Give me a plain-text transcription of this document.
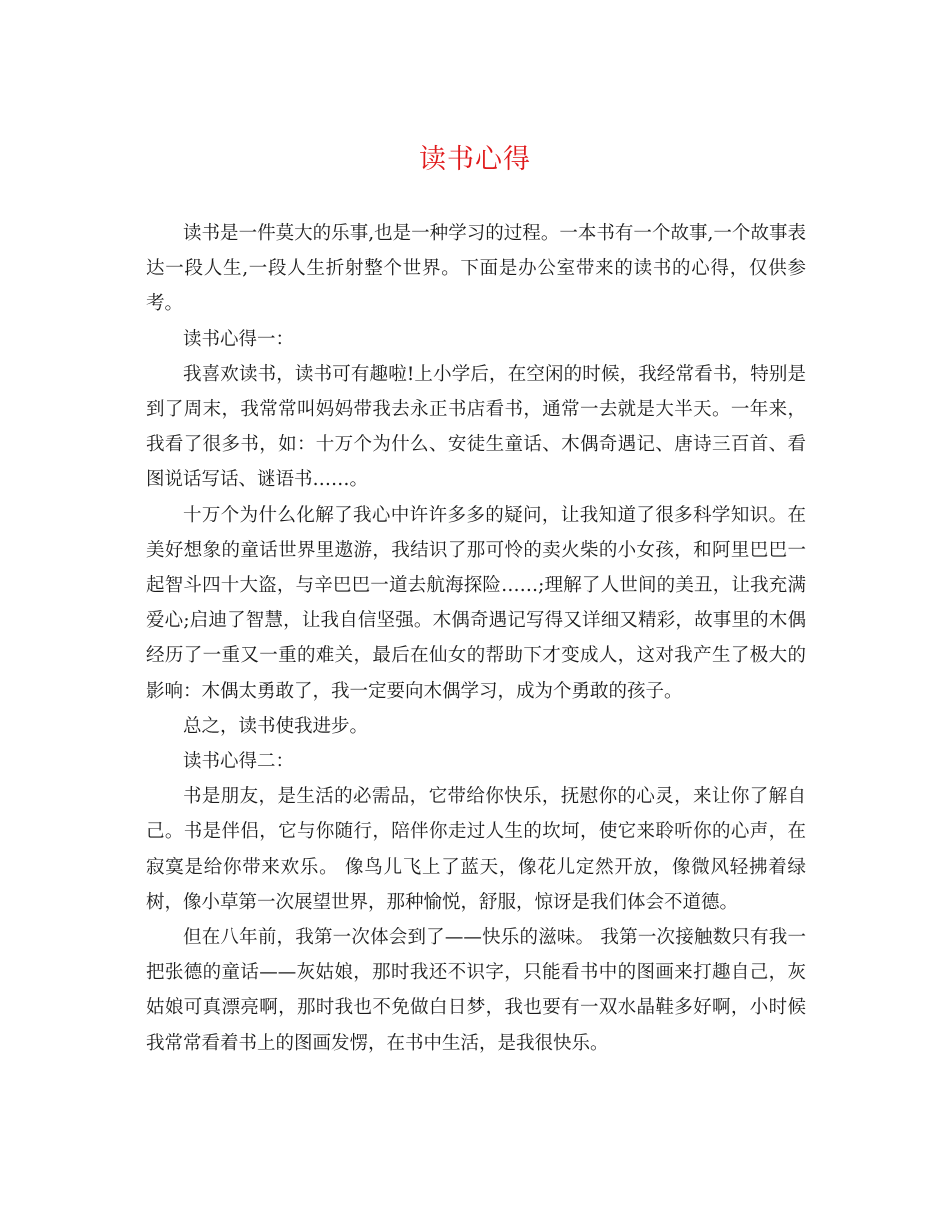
读书心得

读书是一件莫大的乐事,也是一种学习的过程。一本书有一个故事,一个故事表达一段人生,一段人生折射整个世界。下面是办公室带来的读书的心得，仅供参考。

读书心得一：

我喜欢读书，读书可有趣啦!上小学后，在空闲的时候，我经常看书，特别是到了周末，我常常叫妈妈带我去永正书店看书，通常一去就是大半天。一年来，我看了很多书，如：十万个为什么、安徒生童话、木偶奇遇记、唐诗三百首、看图说话写话、谜语书……。

十万个为什么化解了我心中许许多多的疑问，让我知道了很多科学知识。在美好想象的童话世界里遨游，我结识了那可怜的卖火柴的小女孩，和阿里巴巴一起智斗四十大盗，与辛巴巴一道去航海探险……;理解了人世间的美丑，让我充满爱心;启迪了智慧，让我自信坚强。木偶奇遇记写得又详细又精彩，故事里的木偶经历了一重又一重的难关，最后在仙女的帮助下才变成人，这对我产生了极大的影响：木偶太勇敢了，我一定要向木偶学习，成为个勇敢的孩子。

总之，读书使我进步。

读书心得二：

书是朋友，是生活的必需品，它带给你快乐，抚慰你的心灵，来让你了解自己。书是伴侣，它与你随行，陪伴你走过人生的坎坷，使它来聆听你的心声，在寂寞是给你带来欢乐。 像鸟儿飞上了蓝天，像花儿定然开放，像微风轻拂着绿树，像小草第一次展望世界，那种愉悦，舒服，惊讶是我们体会不道德。

但在八年前，我第一次体会到了——快乐的滋味。 我第一次接触数只有我一把张德的童话——灰姑娘，那时我还不识字，只能看书中的图画来打趣自己，灰姑娘可真漂亮啊，那时我也不免做白日梦，我也要有一双水晶鞋多好啊，小时候我常常看着书上的图画发愣，在书中生活，是我很快乐。
